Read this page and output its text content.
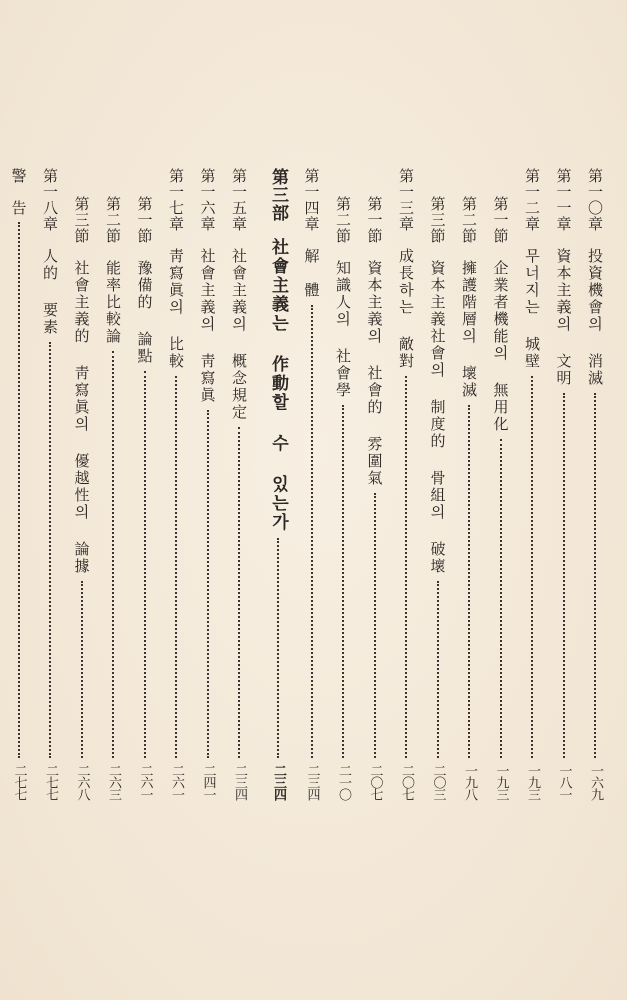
第一〇章
投資機會의 消滅
一六九
第一一章
資本主義의 文明
一八一
第一二章
무너지는 城壁
一九三
第一節
企業者機能의 無用化
一九三
第二節
擁護階層의 壞滅
一九八
第三節
資本主義社會의 制度的 骨組의 破壞
二〇三
第一三章
成長하는 敵對
二〇七
第一節
資本主義의 社會的 雰圍氣
二〇七
第二節
知識人의 社會學
二一〇
第一四章
解　體
二三四
第三部
社會主義는 作動할 수 있는가
二三四
第一五章
社會主義의 概念規定
二三四
第一六章
社會主義의 靑寫眞
二四一
第一七章
靑寫眞의 比較
二六一
第一節
豫備的 論點
二六一
第二節
能率比較論
二六三
第三節
社會主義的 靑寫眞의 優越性의 論據
二六八
第一八章
人的 要素
二七七
警　告
二七七
